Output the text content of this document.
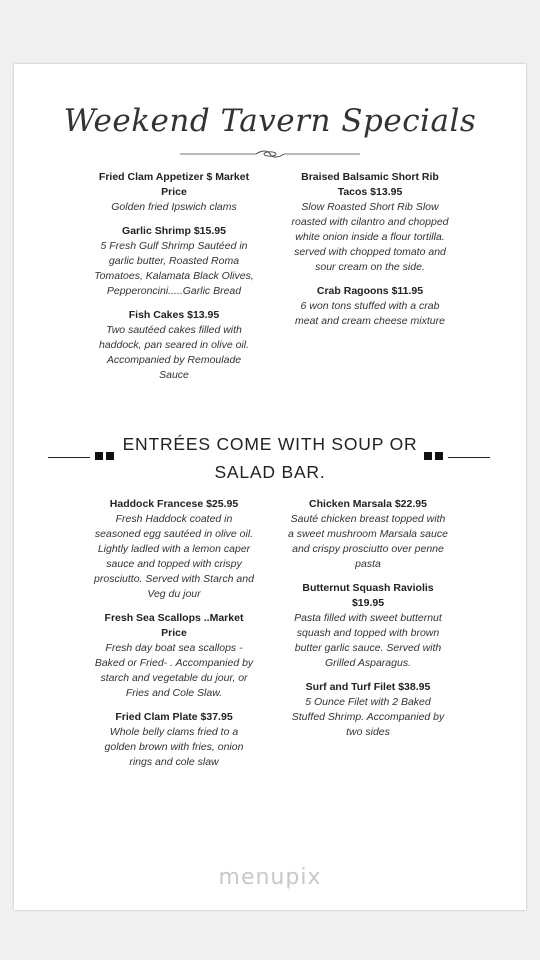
Weekend Tavern Specials
Fried Clam Appetizer $ Market Price
Golden fried Ipswich clams
Garlic Shrimp $15.95
5 Fresh Gulf Shrimp Sautéed in garlic butter, Roasted Roma Tomatoes, Kalamata Black Olives, Pepperoncini.....Garlic Bread
Fish Cakes $13.95
Two sautéed cakes filled with haddock, pan seared in olive oil. Accompanied by Remoulade Sauce
Braised Balsamic Short Rib Tacos $13.95
Slow Roasted Short Rib Slow roasted with cilantro and chopped white onion inside a flour tortilla. served with chopped tomato and sour cream on the side.
Crab Ragoons $11.95
6 won tons stuffed with a crab meat and cream cheese mixture
ENTRÉES COME WITH SOUP OR
SALAD BAR.
Haddock Francese $25.95
Fresh Haddock coated in seasoned egg sautéed in olive oil. Lightly ladled with a lemon caper sauce and topped with crispy prosciutto. Served with Starch and Veg du jour
Fresh Sea Scallops ..Market Price
Fresh day boat sea scallops -Baked or Fried- . Accompanied by starch and vegetable du jour, or Fries and Cole Slaw.
Fried Clam Plate $37.95
Whole belly clams fried to a golden brown with fries, onion rings and cole slaw
Chicken Marsala $22.95
Sauté chicken breast topped with a sweet mushroom Marsala sauce and crispy prosciutto over penne pasta
Butternut Squash Raviolis $19.95
Pasta filled with sweet butternut squash and topped with brown butter garlic sauce. Served with Grilled Asparagus.
Surf and Turf Filet $38.95
5 Ounce Filet with 2 Baked Stuffed Shrimp. Accompanied by two sides
menupix
